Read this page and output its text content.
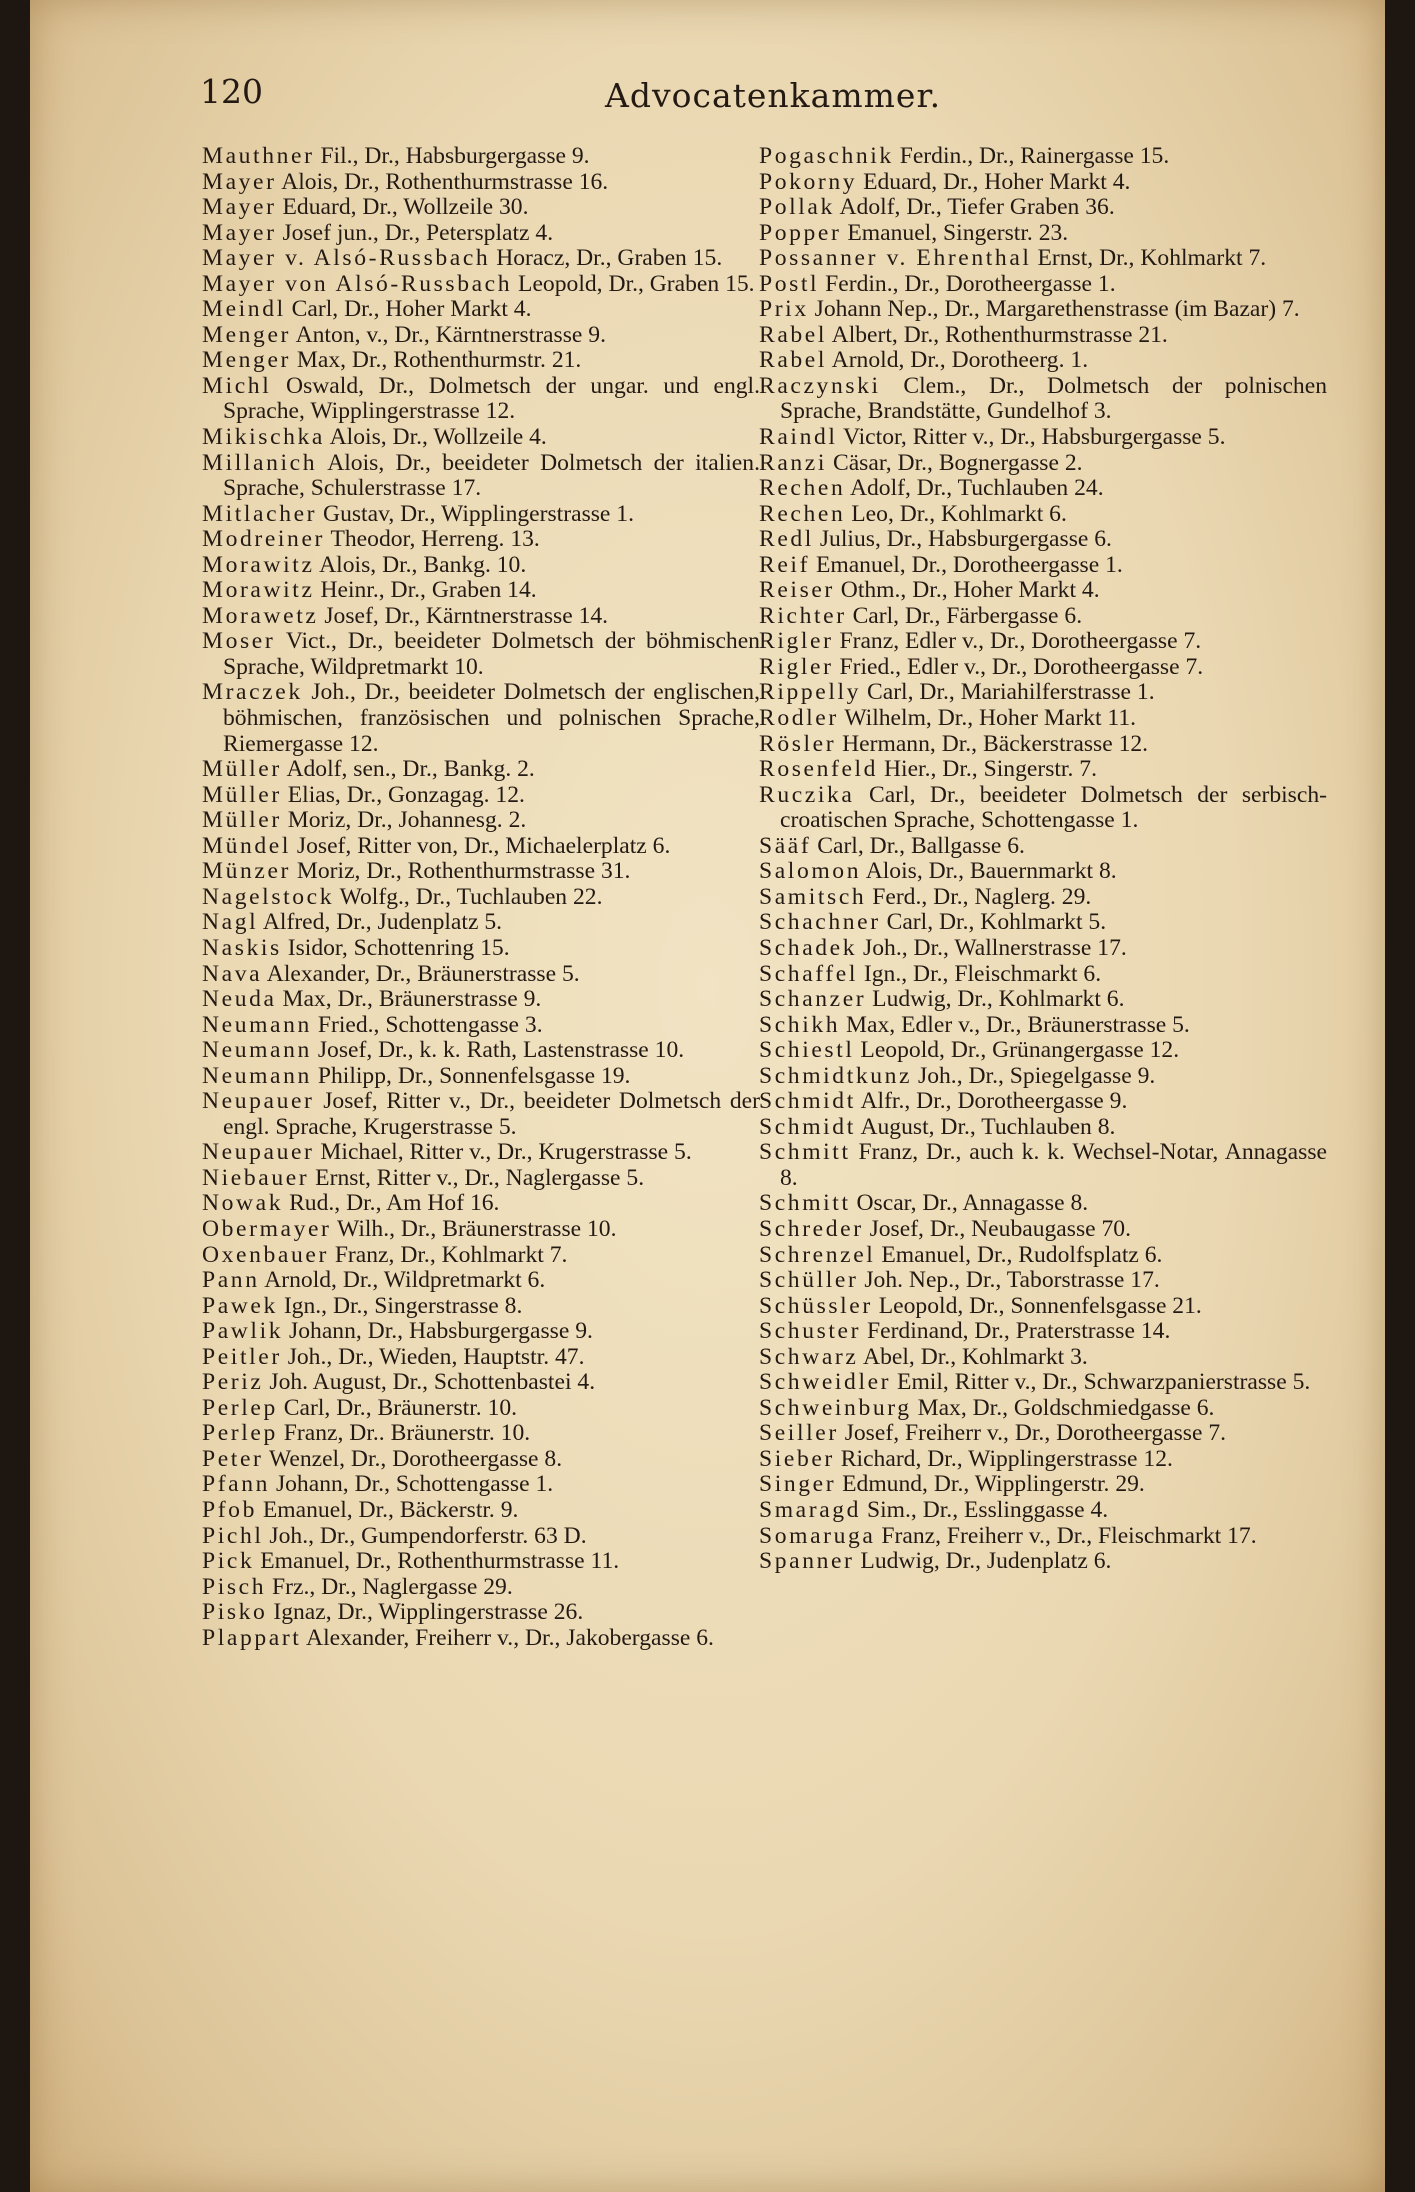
120	Advocatenkammer.

Mauthner Fil., Dr., Habsburgergasse 9.

Mayer Alois, Dr., Rothenthurmstrasse 16.

Mayer Eduard, Dr., Wollzeile 30.

Mayer Josef jun., Dr., Petersplatz 4.

Mayer v. Alsó-Russbach Horacz, Dr., Graben 15.

Mayer von Alsó-Russbach Leopold, Dr., Graben 15.

Meindl Carl, Dr., Hoher Markt 4.

Menger Anton, v., Dr., Kärntnerstrasse 9.

Menger Max, Dr., Rothenthurmstr. 21.

Michl Oswald, Dr., Dolmetsch der ungar. und engl. Sprache, Wipplingerstrasse 12.

Mikischka Alois, Dr., Wollzeile 4.

Millanich Alois, Dr., beeideter Dolmetsch der italien. Sprache, Schulerstrasse 17.

Mitlacher Gustav, Dr., Wipplingerstrasse 1.

Modreiner Theodor, Herreng. 13.

Morawitz Alois, Dr., Bankg. 10.

Morawitz Heinr., Dr., Graben 14.

Morawetz Josef, Dr., Kärntnerstrasse 14.

Moser Vict., Dr., beeideter Dolmetsch der böhmischen Sprache, Wildpretmarkt 10.

Mraczek Joh., Dr., beeideter Dolmetsch der englischen, böhmischen, französischen und polnischen Sprache, Riemergasse 12.

Müller Adolf, sen., Dr., Bankg. 2.

Müller Elias, Dr., Gonzagag. 12.

Müller Moriz, Dr., Johannesg. 2.

Mündel Josef, Ritter von, Dr., Michaelerplatz 6.

Münzer Moriz, Dr., Rothenthurmstrasse 31.

Nagelstock Wolfg., Dr., Tuchlauben 22.

Nagl Alfred, Dr., Judenplatz 5.

Naskis Isidor, Schottenring 15.

Nava Alexander, Dr., Bräunerstrasse 5.

Neuda Max, Dr., Bräunerstrasse 9.

Neumann Fried., Schottengasse 3.

Neumann Josef, Dr., k. k. Rath, Lastenstrasse 10.

Neumann Philipp, Dr., Sonnenfelsgasse 19.

Neupauer Josef, Ritter v., Dr., beeideter Dolmetsch der engl. Sprache, Krugerstrasse 5.

Neupauer Michael, Ritter v., Dr., Krugerstrasse 5.

Niebauer Ernst, Ritter v., Dr., Naglergasse 5.

Nowak Rud., Dr., Am Hof 16.

Obermayer Wilh., Dr., Bräunerstrasse 10.

Oxenbauer Franz, Dr., Kohlmarkt 7.

Pann Arnold, Dr., Wildpretmarkt 6.

Pawek Ign., Dr., Singerstrasse 8.

Pawlik Johann, Dr., Habsburgergasse 9.

Peitler Joh., Dr., Wieden, Hauptstr. 47.

Periz Joh. August, Dr., Schottenbastei 4.

Perlep Carl, Dr., Bräunerstr. 10.

Perlep Franz, Dr.. Bräunerstr. 10.

Peter Wenzel, Dr., Dorotheergasse 8.

Pfann Johann, Dr., Schottengasse 1.

Pfob Emanuel, Dr., Bäckerstr. 9.

Pichl Joh., Dr., Gumpendorferstr. 63 D.

Pick Emanuel, Dr., Rothenthurmstrasse 11.

Pisch Frz., Dr., Naglergasse 29.

Pisko Ignaz, Dr., Wipplingerstrasse 26.

Plappart Alexander, Freiherr v., Dr., Jakobergasse 6.

Pogaschnik Ferdin., Dr., Rainergasse 15.

Pokorny Eduard, Dr., Hoher Markt 4.

Pollak Adolf, Dr., Tiefer Graben 36.

Popper Emanuel, Singerstr. 23.

Possanner v. Ehrenthal Ernst, Dr., Kohlmarkt 7.

Postl Ferdin., Dr., Dorotheergasse 1.

Prix Johann Nep., Dr., Margarethenstrasse (im Bazar) 7.

Rabel Albert, Dr., Rothenthurmstrasse 21.

Rabel Arnold, Dr., Dorotheerg. 1.

Raczynski Clem., Dr., Dolmetsch der polnischen Sprache, Brandstätte, Gundelhof 3.

Raindl Victor, Ritter v., Dr., Habsburgergasse 5.

Ranzi Cäsar, Dr., Bognergasse 2.

Rechen Adolf, Dr., Tuchlauben 24.

Rechen Leo, Dr., Kohlmarkt 6.

Redl Julius, Dr., Habsburgergasse 6.

Reif Emanuel, Dr., Dorotheergasse 1.

Reiser Othm., Dr., Hoher Markt 4.

Richter Carl, Dr., Färbergasse 6.

Rigler Franz, Edler v., Dr., Dorotheergasse 7.

Rigler Fried., Edler v., Dr., Dorotheergasse 7.

Rippelly Carl, Dr., Mariahilferstrasse 1.

Rodler Wilhelm, Dr., Hoher Markt 11.

Rösler Hermann, Dr., Bäckerstrasse 12.

Rosenfeld Hier., Dr., Singerstr. 7.

Ruczika Carl, Dr., beeideter Dolmetsch der serbisch-croatischen Sprache, Schottengasse 1.

Sääf Carl, Dr., Ballgasse 6.

Salomon Alois, Dr., Bauernmarkt 8.

Samitsch Ferd., Dr., Naglerg. 29.

Schachner Carl, Dr., Kohlmarkt 5.

Schadek Joh., Dr., Wallnerstrasse 17.

Schaffel Ign., Dr., Fleischmarkt 6.

Schanzer Ludwig, Dr., Kohlmarkt 6.

Schikh Max, Edler v., Dr., Bräunerstrasse 5.

Schiestl Leopold, Dr., Grünangergasse 12.

Schmidtkunz Joh., Dr., Spiegelgasse 9.

Schmidt Alfr., Dr., Dorotheergasse 9.

Schmidt August, Dr., Tuchlauben 8.

Schmitt Franz, Dr., auch k. k. Wechsel-Notar, Annagasse 8.

Schmitt Oscar, Dr., Annagasse 8.

Schreder Josef, Dr., Neubaugasse 70.

Schrenzel Emanuel, Dr., Rudolfsplatz 6.

Schüller Joh. Nep., Dr., Taborstrasse 17.

Schüssler Leopold, Dr., Sonnenfelsgasse 21.

Schuster Ferdinand, Dr., Praterstrasse 14.

Schwarz Abel, Dr., Kohlmarkt 3.

Schweidler Emil, Ritter v., Dr., Schwarzpanierstrasse 5.

Schweinburg Max, Dr., Goldschmiedgasse 6.

Seiller Josef, Freiherr v., Dr., Dorotheergasse 7.

Sieber Richard, Dr., Wipplingerstrasse 12.

Singer Edmund, Dr., Wipplingerstr. 29.

Smaragd Sim., Dr., Esslinggasse 4.

Somaruga Franz, Freiherr v., Dr., Fleischmarkt 17.

Spanner Ludwig, Dr., Judenplatz 6.
